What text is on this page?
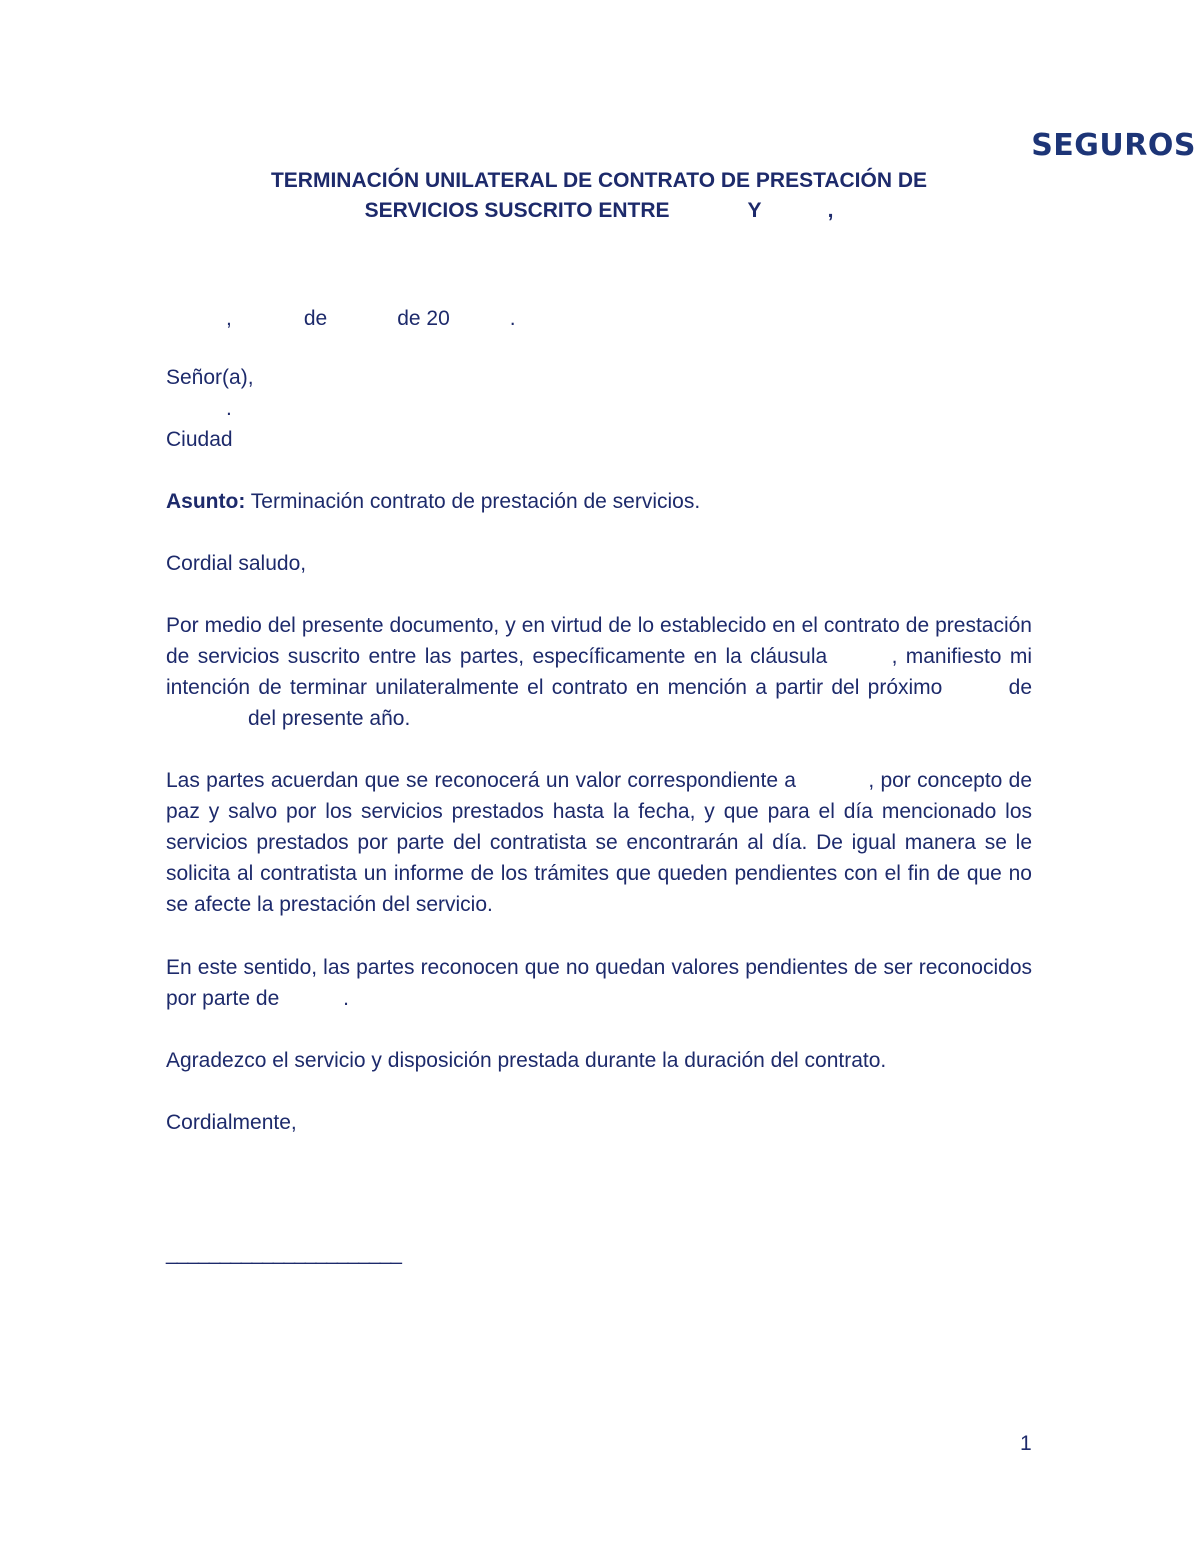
SEGUROS
TERMINACIÓN UNILATERAL DE CONTRATO DE PRESTACIÓN DE
SERVICIOS SUSCRITO ENTRE	Y	,
,	de	de 20	.
Señor(a),
.
Ciudad
Asunto: Terminación contrato de prestación de servicios.
Cordial saludo,
Por medio del presente documento, y en virtud de lo establecido en el contrato de prestación de servicios suscrito entre las partes, específicamente en la cláusula	, manifiesto mi intención de terminar unilateralmente el contrato en mención a partir del próximo	de del presente año.
Las partes acuerdan que se reconocerá un valor correspondiente a	, por concepto de paz y salvo por los servicios prestados hasta la fecha, y que para el día mencionado los servicios prestados por parte del contratista se encontrarán al día. De igual manera se le solicita al contratista un informe de los trámites que queden pendientes con el fin de que no se afecte la prestación del servicio.
En este sentido, las partes reconocen que no quedan valores pendientes de ser reconocidos por parte de	.
Agradezco el servicio y disposición prestada durante la duración del contrato.
Cordialmente,
______________________
1
